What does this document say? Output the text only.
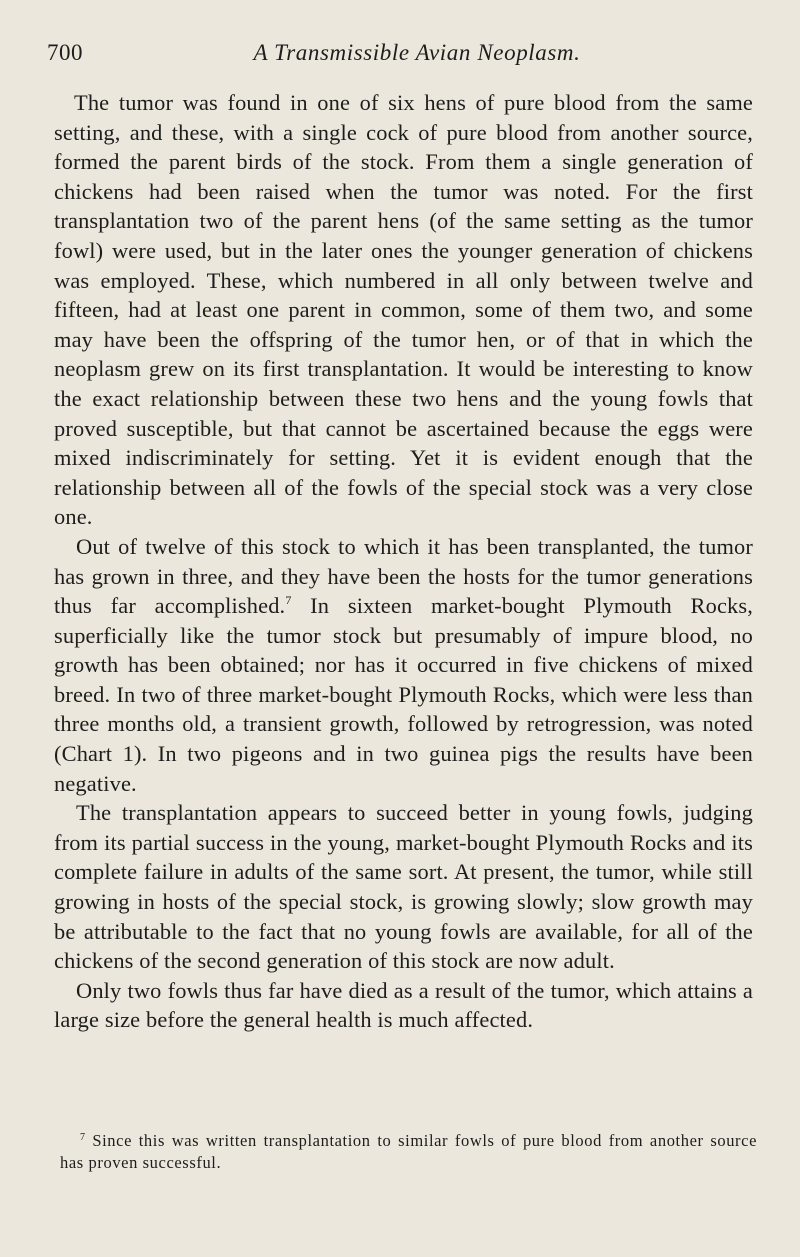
700	A Transmissible Avian Neoplasm.

The tumor was found in one of six hens of pure blood from the same setting, and these, with a single cock of pure blood from another source, formed the parent birds of the stock. From them a single generation of chickens had been raised when the tumor was noted. For the first transplantation two of the parent hens (of the same setting as the tumor fowl) were used, but in the later ones the younger generation of chickens was employed. These, which numbered in all only between twelve and fifteen, had at least one parent in common, some of them two, and some may have been the offspring of the tumor hen, or of that in which the neoplasm grew on its first transplantation. It would be interesting to know the exact relationship between these two hens and the young fowls that proved susceptible, but that cannot be ascertained because the eggs were mixed indiscriminately for setting. Yet it is evident enough that the relationship between all of the fowls of the special stock was a very close one.

Out of twelve of this stock to which it has been transplanted, the tumor has grown in three, and they have been the hosts for the tumor generations thus far accomplished.$^7$ In sixteen market-bought Plymouth Rocks, superficially like the tumor stock but presumably of impure blood, no growth has been obtained; nor has it occurred in five chickens of mixed breed. In two of three market-bought Plymouth Rocks, which were less than three months old, a transient growth, followed by retrogression, was noted (Chart 1). In two pigeons and in two guinea pigs the results have been negative.

The transplantation appears to succeed better in young fowls, judging from its partial success in the young, market-bought Plymouth Rocks and its complete failure in adults of the same sort. At present, the tumor, while still growing in hosts of the special stock, is growing slowly; slow growth may be attributable to the fact that no young fowls are available, for all of the chickens of the second generation of this stock are now adult.

Only two fowls thus far have died as a result of the tumor, which attains a large size before the general health is much affected.

$^7$ Since this was written transplantation to similar fowls of pure blood from another source has proven successful.
